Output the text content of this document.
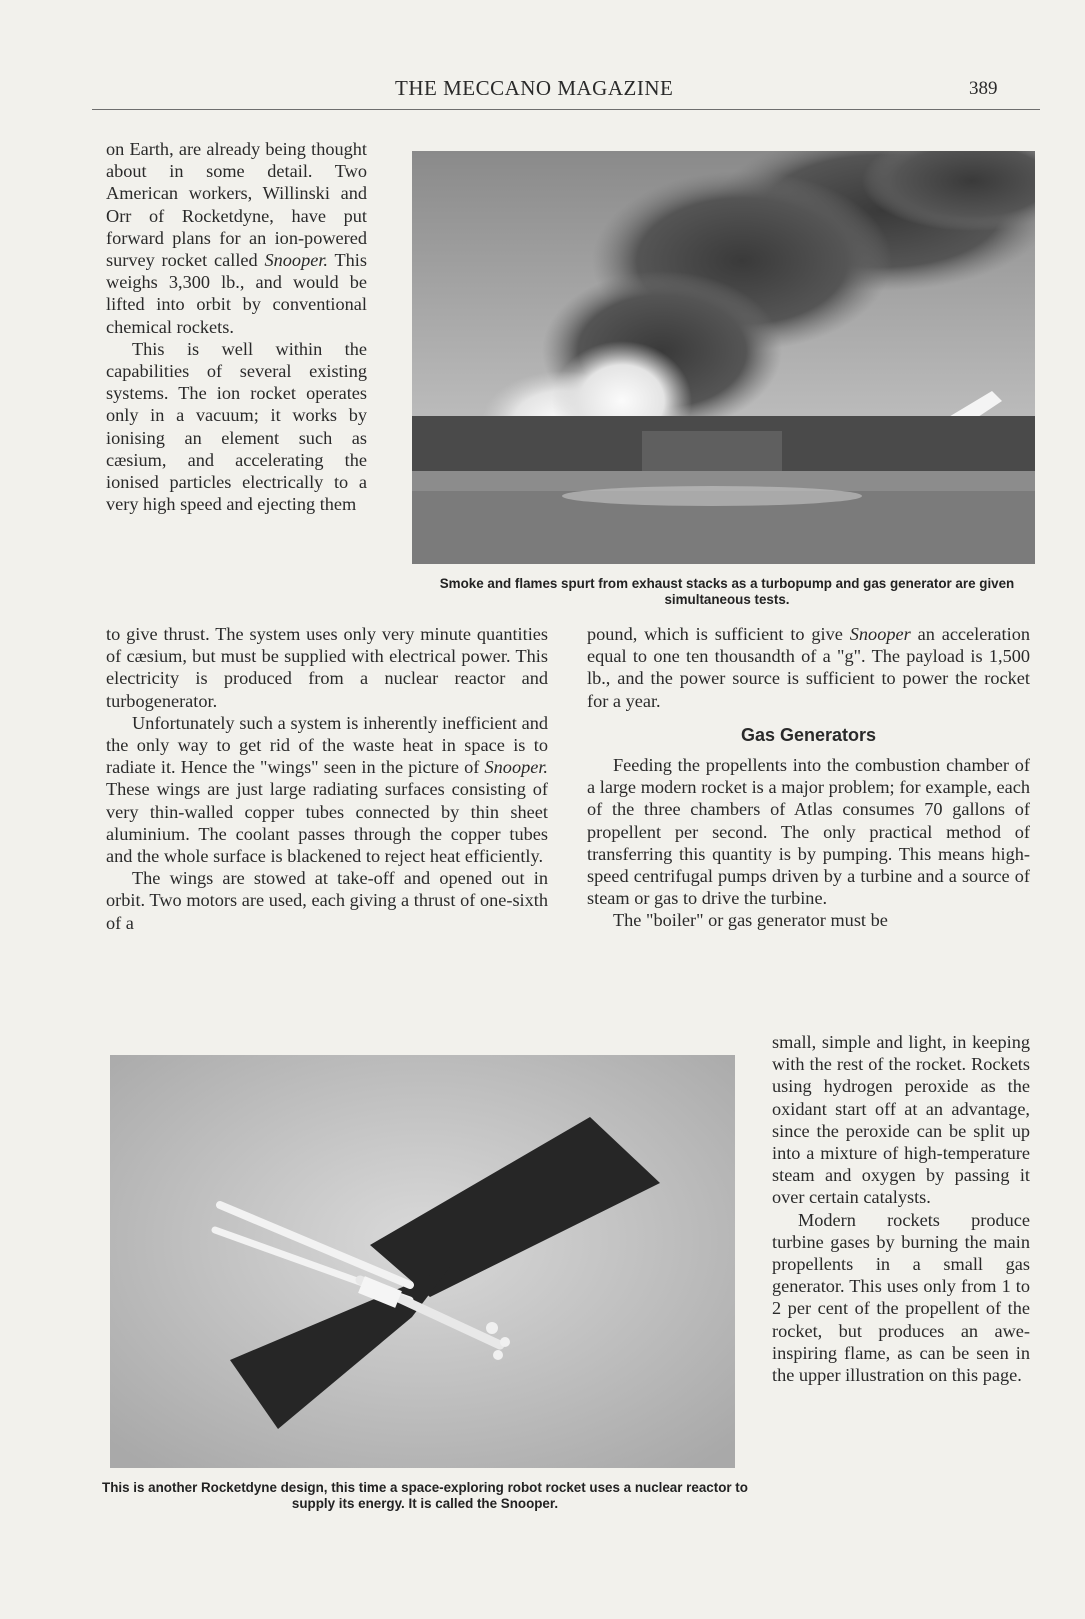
THE MECCANO MAGAZINE	389
Smoke and flames spurt from exhaust stacks as a turbopump and gas generator are given simultaneous tests.

on Earth, are already being thought about in some detail. Two American workers, Willinski and Orr of Rocketdyne, have put forward plans for an ion-powered survey rocket called Snooper. This weighs 3,300 lb., and would be lifted into orbit by conventional chemical rockets.

This is well within the capabilities of several existing systems. The ion rocket operates only in a vacuum; it works by ionising an element such as cæsium, and accelerating the ionised particles electrically to a very high speed and ejecting them

to give thrust. The system uses only very minute quantities of cæsium, but must be supplied with electrical power. This electricity is produced from a nuclear reactor and turbogenerator.

Unfortunately such a system is inherently inefficient and the only way to get rid of the waste heat in space is to radiate it. Hence the "wings" seen in the picture of Snooper. These wings are just large radiating surfaces consisting of very thin-walled copper tubes connected by thin sheet aluminium. The coolant passes through the copper tubes and the whole surface is blackened to reject heat efficiently.

The wings are stowed at take-off and opened out in orbit. Two motors are used, each giving a thrust of one-sixth of a

pound, which is sufficient to give Snooper an acceleration equal to one ten thousandth of a "g". The payload is 1,500 lb., and the power source is sufficient to power the rocket for a year.

Gas Generators

Feeding the propellents into the combustion chamber of a large modern rocket is a major problem; for example, each of the three chambers of Atlas consumes 70 gallons of propellent per second. The only practical method of transferring this quantity is by pumping. This means high-speed centrifugal pumps driven by a turbine and a source of steam or gas to drive the turbine.

The "boiler" or gas generator must be

small, simple and light, in keeping with the rest of the rocket. Rockets using hydrogen peroxide as the oxidant start off at an advantage, since the peroxide can be split up into a mixture of high-temperature steam and oxygen by passing it over certain catalysts.

Modern rockets produce turbine gases by burning the main propellents in a small gas generator. This uses only from 1 to 2 per cent of the propellent of the rocket, but produces an awe-inspiring flame, as can be seen in the upper illustration on this page.

This is another Rocketdyne design, this time a space-exploring robot rocket uses a nuclear reactor to supply its energy. It is called the Snooper.
